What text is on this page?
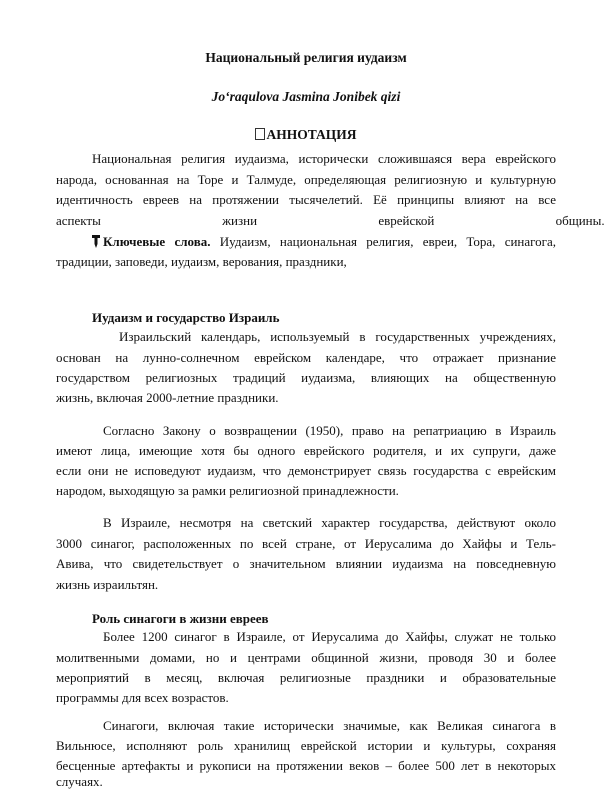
Национальный религия иудаизм
Jo‘raqulova Jasmina Jonibek qizi
АННОТАЦИЯ
Национальная религия иудаизма, исторически сложившаяся вера еврейского
народа, основанная на Торе и Талмуде, определяющая религиозную и культурную
идентичность евреев на протяжении тысячелетий. Её принципы влияют на все
аспекты жизни еврейской общины.
Ключевые слова. Иудаизм, национальная религия, евреи, Тора, синагога,
традиции, заповеди, иудаизм, верования, праздники,
Иудаизм и государство Израиль
Израильский календарь, используемый в государственных учреждениях,
основан на лунно-солнечном еврейском календаре, что отражает признание
государством религиозных традиций иудаизма, влияющих на общественную
жизнь, включая 2000-летние праздники.
Согласно Закону о возвращении (1950), право на репатриацию в Израиль
имеют лица, имеющие хотя бы одного еврейского родителя, и их супруги, даже
если они не исповедуют иудаизм, что демонстрирует связь государства с еврейским
народом, выходящую за рамки религиозной принадлежности.
В Израиле, несмотря на светский характер государства, действуют около
3000 синагог, расположенных по всей стране, от Иерусалима до Хайфы и Тель-
Авива, что свидетельствует о значительном влиянии иудаизма на повседневную
жизнь израильтян.
Роль синагоги в жизни евреев
Более 1200 синагог в Израиле, от Иерусалима до Хайфы, служат не только
молитвенными домами, но и центрами общинной жизни, проводя 30 и более
мероприятий в месяц, включая религиозные праздники и образовательные
программы для всех возрастов.
Синагоги, включая такие исторически значимые, как Великая синагога в
Вильнюсе, исполняют роль хранилищ еврейской истории и культуры, сохраняя
бесценные артефакты и рукописи на протяжении веков – более 500 лет в некоторых
случаях.
